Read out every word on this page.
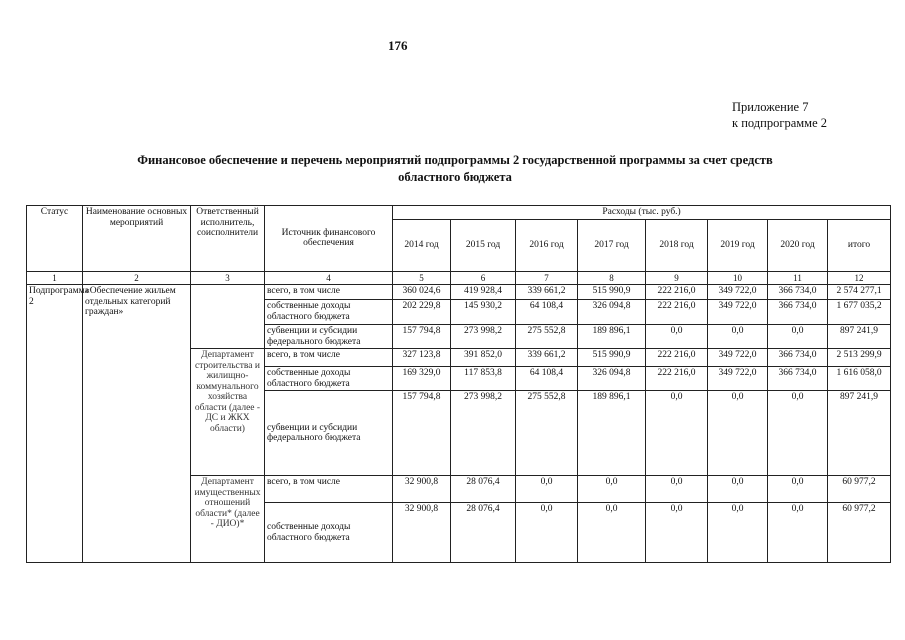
176
Приложение 7
к подпрограмме 2
Финансовое обеспечение и перечень мероприятий подпрограммы 2 государственной программы за счет средств
областного бюджета
Статус	Наименование основных мероприятий	Ответственный исполнитель, соисполнители	Источник финансового обеспечения	Расходы (тыс. руб.)							
				2014 год	2015 год	2016 год	2017 год	2018 год	2019 год	2020 год	итого
1	2	3	4	5	6	7	8	9	10	11	12
Подпрограмма 2	«Обеспечение жильем отдельных категорий граждан»		всего, в том числе	360 024,6	419 928,4	339 661,2	515 990,9	222 216,0	349 722,0	366 734,0	2 574 277,1
			собственные доходы областного бюджета	202 229,8	145 930,2	64 108,4	326 094,8	222 216,0	349 722,0	366 734,0	1 677 035,2
			субвенции и субсидии федерального бюджета	157 794,8	273 998,2	275 552,8	189 896,1	0,0	0,0	0,0	897 241,9
		Департамент строительства и жилищно-коммунального хозяйства области (далее - ДС и ЖКХ области)	всего, в том числе	327 123,8	391 852,0	339 661,2	515 990,9	222 216,0	349 722,0	366 734,0	2 513 299,9
			собственные доходы областного бюджета	169 329,0	117 853,8	64 108,4	326 094,8	222 216,0	349 722,0	366 734,0	1 616 058,0
			субвенции и субсидии федерального бюджета	157 794,8	273 998,2	275 552,8	189 896,1	0,0	0,0	0,0	897 241,9
		Департамент имущественных отношений области* (далее - ДИО)*	всего, в том числе	32 900,8	28 076,4	0,0	0,0	0,0	0,0	0,0	60 977,2
			собственные доходы областного бюджета	32 900,8	28 076,4	0,0	0,0	0,0	0,0	0,0	60 977,2
